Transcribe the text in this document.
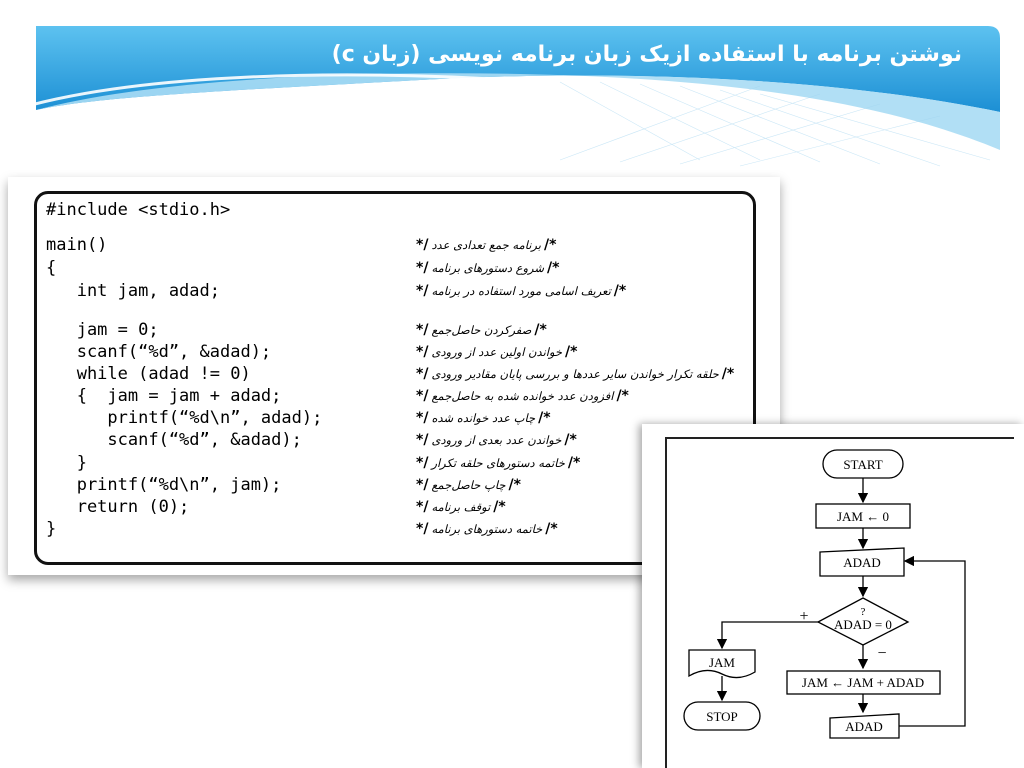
نوشتن برنامه با استفاده ازیک زبان برنامه نویسی (زبان c)
#include <stdio.h>
main()
{
int jam, adad;
jam = 0;
scanf(“%d”, &adad);
while (adad != 0)
{  jam = jam + adad;
printf(“%d\n”, adad);
scanf(“%d”, &adad);
}
printf(“%d\n”, jam);
return (0);
}
*/ برنامه جمع تعدادی عدد /*
*/ شروع دستورهای برنامه /*
*/ تعریف اسامی مورد استفاده در برنامه /*
*/ صفرکردن حاصل‌جمع /*
*/ خواندن اولین عدد از ورودی /*
*/ حلقه تکرار خواندن سایر عددها و بررسی پایان مقادیر ورودی /*
*/ افزودن عدد خوانده شده به حاصل‌جمع /*
*/ چاپ عدد خوانده شده /*
*/ خواندن عدد بعدی از ورودی /*
*/ خاتمه دستورهای حلقه تکرار /*
*/ چاپ حاصل‌جمع /*
*/ توقف برنامه /*
*/ خاتمه دستورهای برنامه /*
START
JAM ← 0
ADAD
?
ADAD = 0
+
−
JAM
STOP
JAM ← JAM + ADAD
ADAD
